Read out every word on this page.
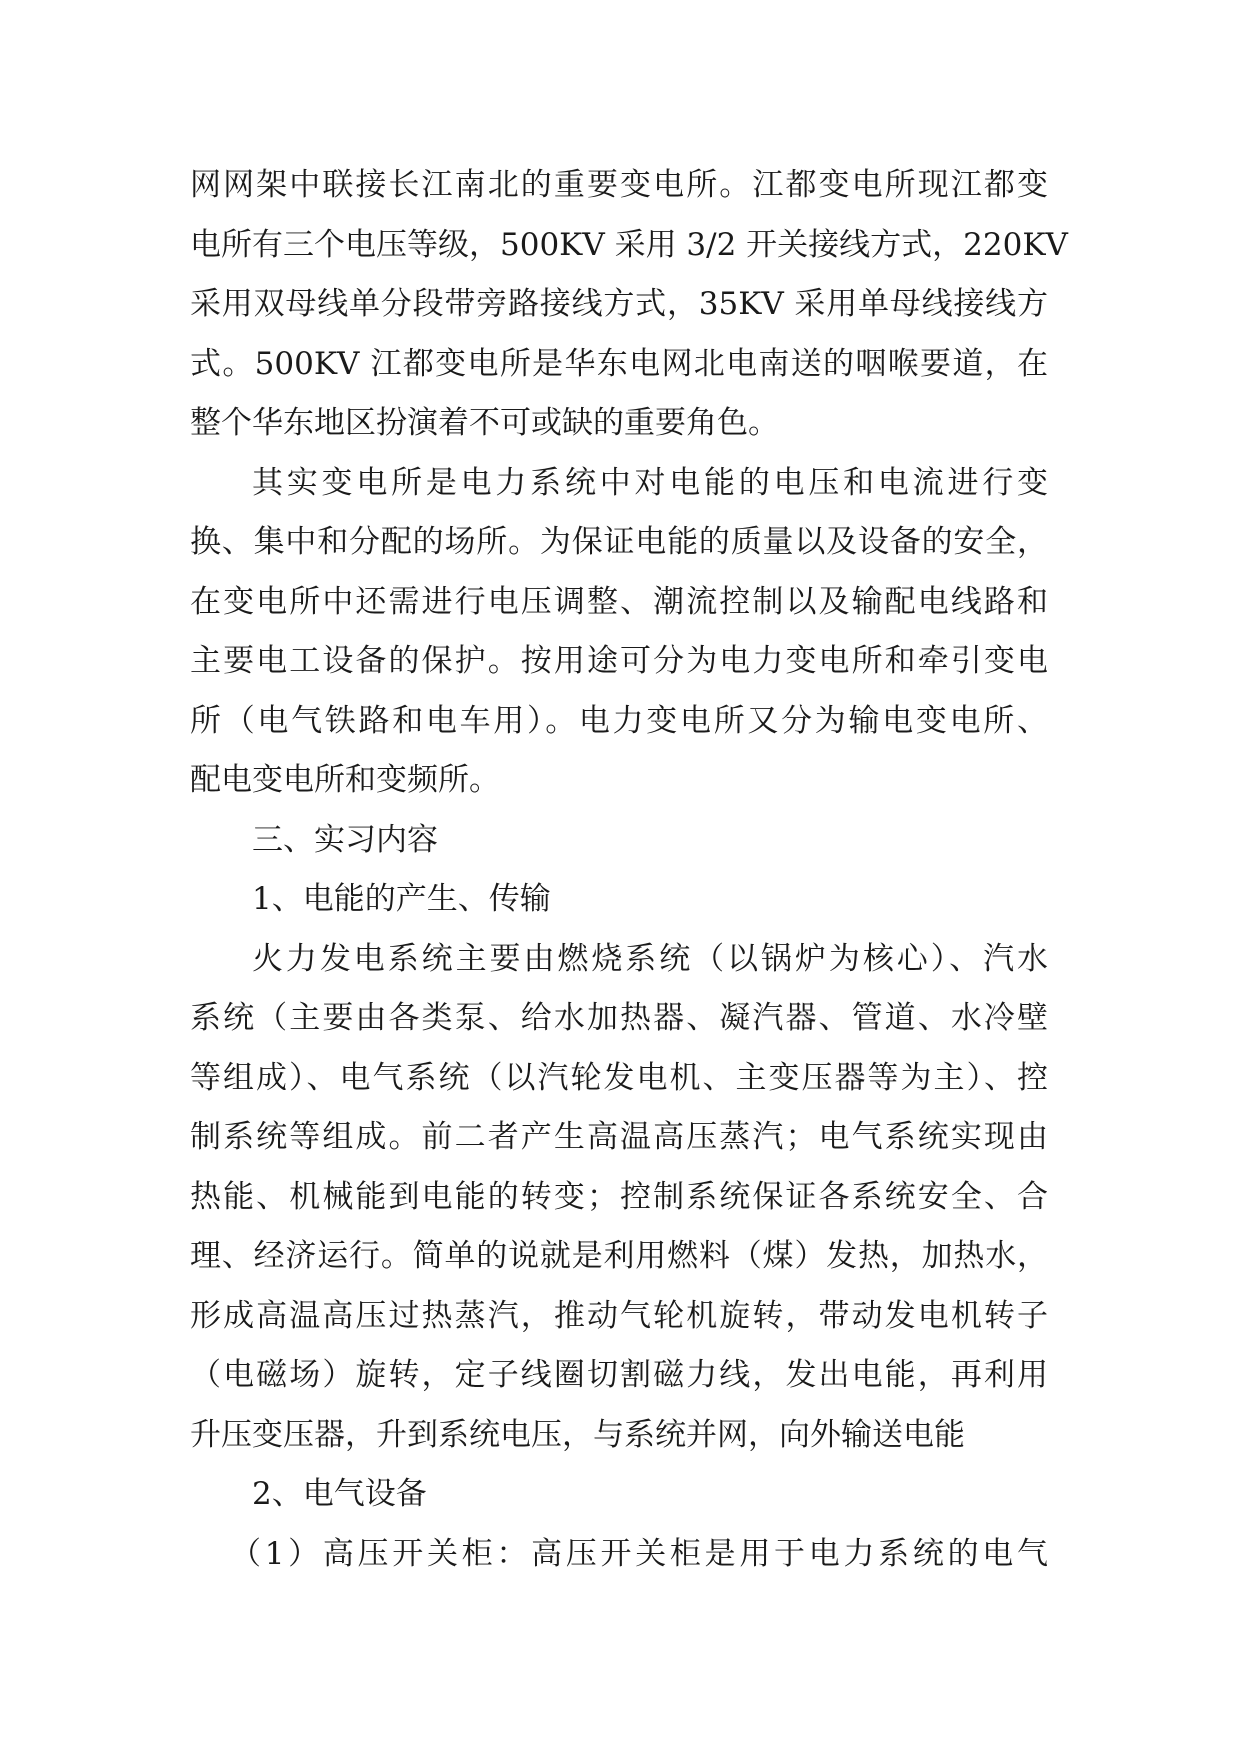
网网架中联接长江南北的重要变电所。江都变电所现江都变
电所有三个电压等级，500KV 采用 3/2 开关接线方式，220KV
采用双母线单分段带旁路接线方式，35KV 采用单母线接线方
式。500KV 江都变电所是华东电网北电南送的咽喉要道，在
整个华东地区扮演着不可或缺的重要角色。
其实变电所是电力系统中对电能的电压和电流进行变
换、集中和分配的场所。为保证电能的质量以及设备的安全，
在变电所中还需进行电压调整、潮流控制以及输配电线路和
主要电工设备的保护。按用途可分为电力变电所和牵引变电
所（电气铁路和电车用）。电力变电所又分为输电变电所、
配电变电所和变频所。
三、实习内容
1、电能的产生、传输
火力发电系统主要由燃烧系统（以锅炉为核心）、汽水
系统（主要由各类泵、给水加热器、凝汽器、管道、水冷壁
等组成）、电气系统（以汽轮发电机、主变压器等为主）、控
制系统等组成。前二者产生高温高压蒸汽；电气系统实现由
热能、机械能到电能的转变；控制系统保证各系统安全、合
理、经济运行。简单的说就是利用燃料（煤）发热，加热水，
形成高温高压过热蒸汽，推动气轮机旋转，带动发电机转子
（电磁场）旋转，定子线圈切割磁力线，发出电能，再利用
升压变压器，升到系统电压，与系统并网，向外输送电能
2、电气设备
（1）高压开关柜：高压开关柜是用于电力系统的电气
